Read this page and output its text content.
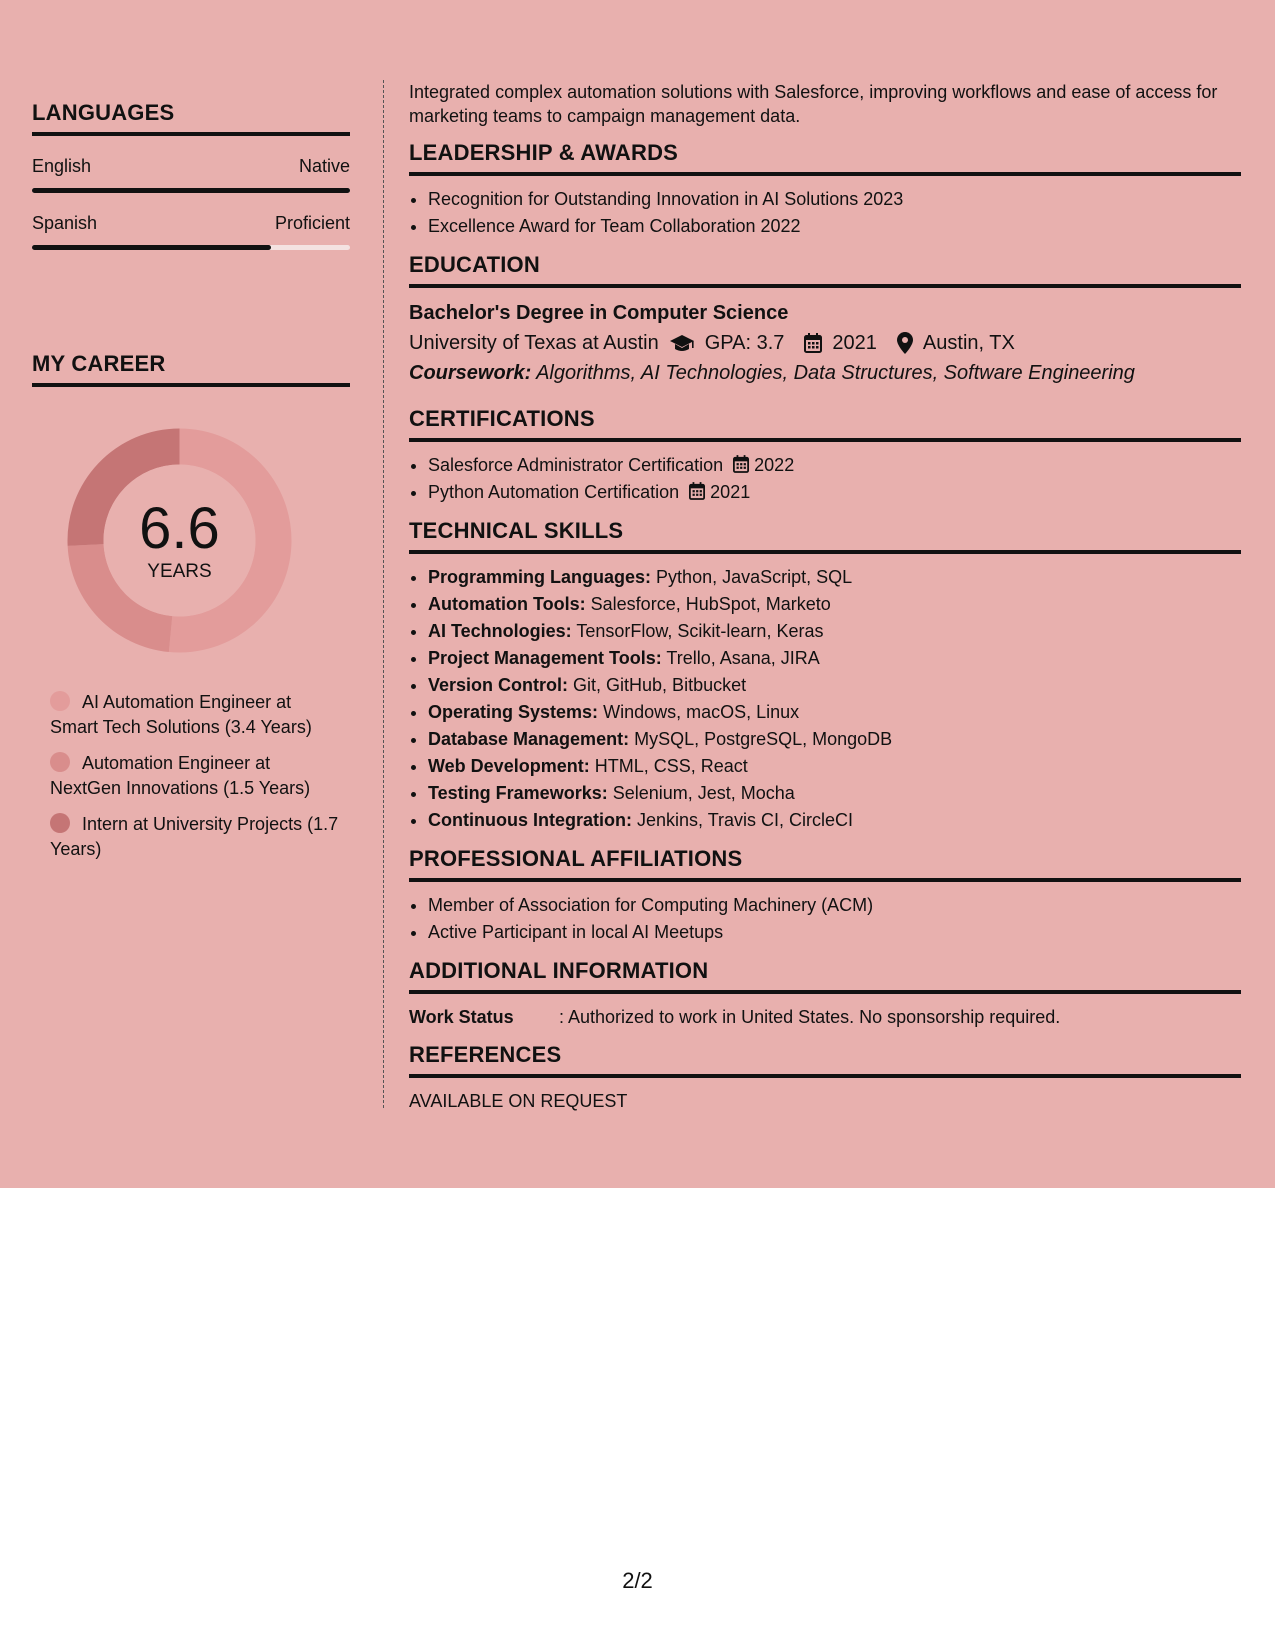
LANGUAGES
English	Native
Spanish	Proficient
MY CAREER
6.6
YEARS
AI Automation Engineer at Smart Tech Solutions (3.4 Years)
Automation Engineer at NextGen Innovations (1.5 Years)
Intern at University Projects (1.7 Years)

Integrated complex automation solutions with Salesforce, improving workflows and ease of access for marketing teams to campaign management data.

LEADERSHIP & AWARDS
• Recognition for Outstanding Innovation in AI Solutions 2023
• Excellence Award for Team Collaboration 2022
EDUCATION
Bachelor's Degree in Computer Science
University of Texas at Austin GPA: 3.7 2021 Austin, TX
Coursework: Algorithms, AI Technologies, Data Structures, Software Engineering
CERTIFICATIONS
• Salesforce Administrator Certification 2022
• Python Automation Certification 2021
TECHNICAL SKILLS
• Programming Languages: Python, JavaScript, SQL
• Automation Tools: Salesforce, HubSpot, Marketo
• AI Technologies: TensorFlow, Scikit-learn, Keras
• Project Management Tools: Trello, Asana, JIRA
• Version Control: Git, GitHub, Bitbucket
• Operating Systems: Windows, macOS, Linux
• Database Management: MySQL, PostgreSQL, MongoDB
• Web Development: HTML, CSS, React
• Testing Frameworks: Selenium, Jest, Mocha
• Continuous Integration: Jenkins, Travis CI, CircleCI
PROFESSIONAL AFFILIATIONS
• Member of Association for Computing Machinery (ACM)
• Active Participant in local AI Meetups
ADDITIONAL INFORMATION
Work Status	: Authorized to work in United States. No sponsorship required.
REFERENCES
AVAILABLE ON REQUEST
2/2
